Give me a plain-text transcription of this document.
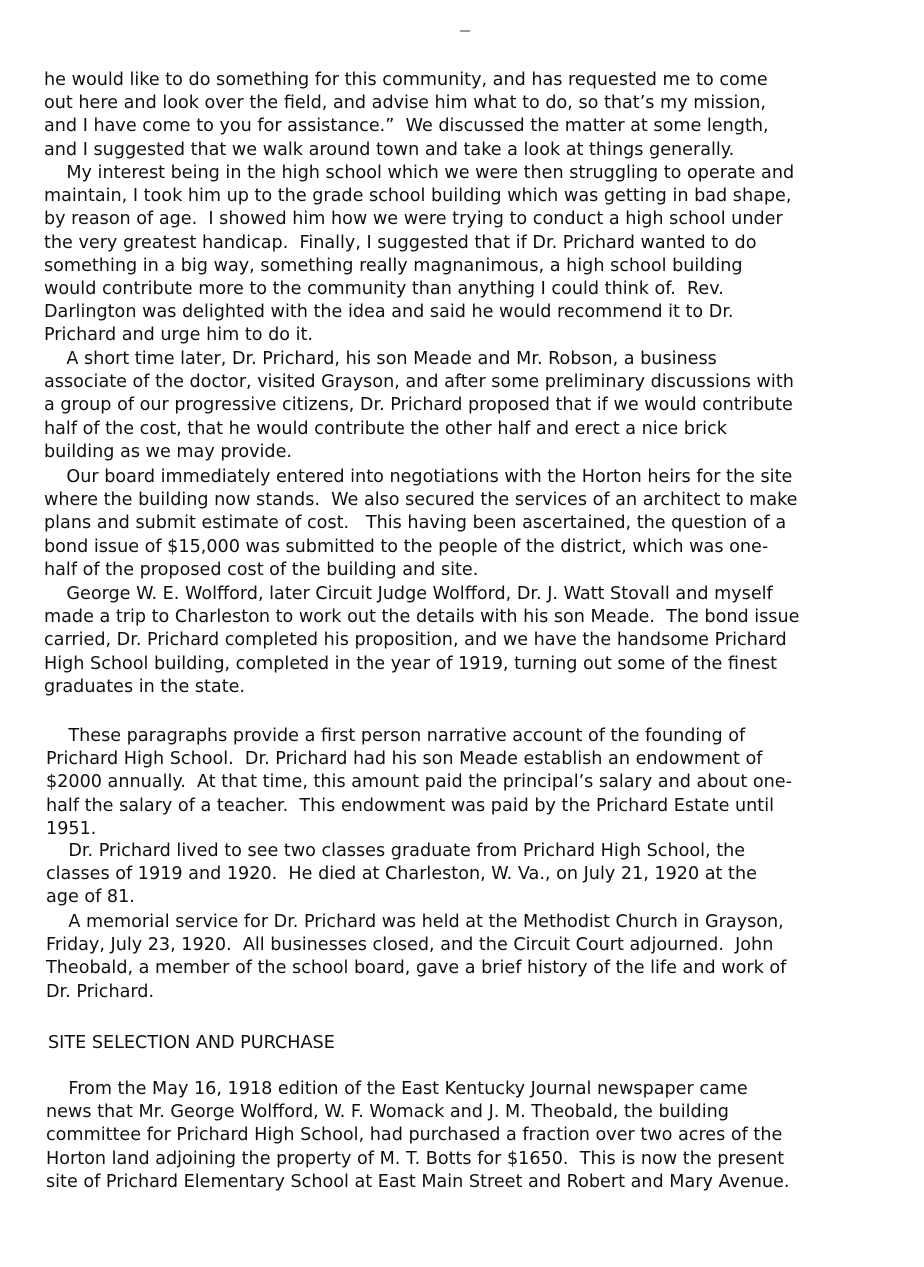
he would like to do something for this community, and has requested me to come
out here and look over the field, and advise him what to do, so that’s my mission,
and I have come to you for assistance.”  We discussed the matter at some length,
and I suggested that we walk around town and take a look at things generally.
My interest being in the high school which we were then struggling to operate and
maintain, I took him up to the grade school building which was getting in bad shape,
by reason of age.  I showed him how we were trying to conduct a high school under
the very greatest handicap.  Finally, I suggested that if Dr. Prichard wanted to do
something in a big way, something really magnanimous, a high school building
would contribute more to the community than anything I could think of.  Rev.
Darlington was delighted with the idea and said he would recommend it to Dr.
Prichard and urge him to do it.
A short time later, Dr. Prichard, his son Meade and Mr. Robson, a business
associate of the doctor, visited Grayson, and after some preliminary discussions with
a group of our progressive citizens, Dr. Prichard proposed that if we would contribute
half of the cost, that he would contribute the other half and erect a nice brick
building as we may provide.
Our board immediately entered into negotiations with the Horton heirs for the site
where the building now stands.  We also secured the services of an architect to make
plans and submit estimate of cost.   This having been ascertained, the question of a
bond issue of $15,000 was submitted to the people of the district, which was one-
half of the proposed cost of the building and site.
George W. E. Wolfford, later Circuit Judge Wolfford, Dr. J. Watt Stovall and myself
made a trip to Charleston to work out the details with his son Meade.  The bond issue
carried, Dr. Prichard completed his proposition, and we have the handsome Prichard
High School building, completed in the year of 1919, turning out some of the finest
graduates in the state.
These paragraphs provide a first person narrative account of the founding of
Prichard High School.  Dr. Prichard had his son Meade establish an endowment of
$2000 annually.  At that time, this amount paid the principal’s salary and about one-
half the salary of a teacher.  This endowment was paid by the Prichard Estate until
1951.
Dr. Prichard lived to see two classes graduate from Prichard High School, the
classes of 1919 and 1920.  He died at Charleston, W. Va., on July 21, 1920 at the
age of 81.
A memorial service for Dr. Prichard was held at the Methodist Church in Grayson,
Friday, July 23, 1920.  All businesses closed, and the Circuit Court adjourned.  John
Theobald, a member of the school board, gave a brief history of the life and work of
Dr. Prichard.
SITE SELECTION AND PURCHASE
From the May 16, 1918 edition of the East Kentucky Journal newspaper came
news that Mr. George Wolfford, W. F. Womack and J. M. Theobald, the building
committee for Prichard High School, had purchased a fraction over two acres of the
Horton land adjoining the property of M. T. Botts for $1650.  This is now the present
site of Prichard Elementary School at East Main Street and Robert and Mary Avenue.
